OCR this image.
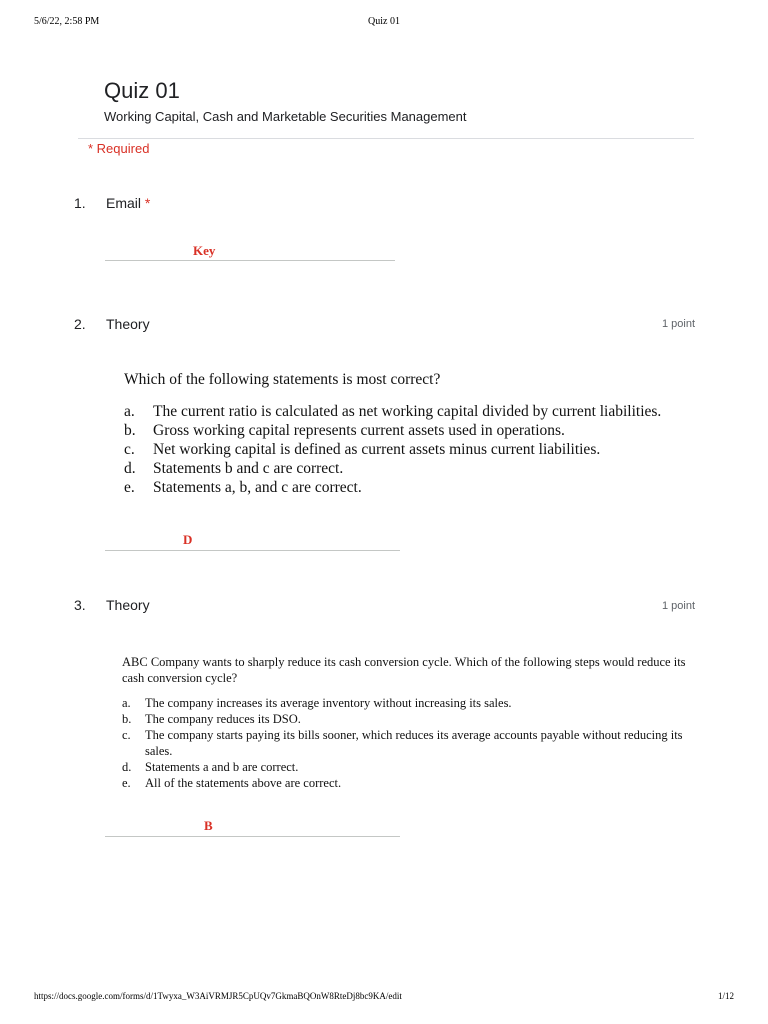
5/6/22, 2:58 PM	Quiz 01
Quiz 01
Working Capital, Cash and Marketable Securities Management
* Required
1. Email *
Key
2. Theory	1 point

Which of the following statements is most correct?

a. The current ratio is calculated as net working capital divided by current liabilities.
b. Gross working capital represents current assets used in operations.
c. Net working capital is defined as current assets minus current liabilities.
d. Statements b and c are correct.
e. Statements a, b, and c are correct.
D
3. Theory	1 point

ABC Company wants to sharply reduce its cash conversion cycle. Which of the following steps would reduce its cash conversion cycle?

a. The company increases its average inventory without increasing its sales.
b. The company reduces its DSO.
c. The company starts paying its bills sooner, which reduces its average accounts payable without reducing its sales.
d. Statements a and b are correct.
e. All of the statements above are correct.
B
https://docs.google.com/forms/d/1Twyxa_W3AiVRMJR5CpUQv7GkmaBQOnW8RteDj8bc9KA/edit	1/12
